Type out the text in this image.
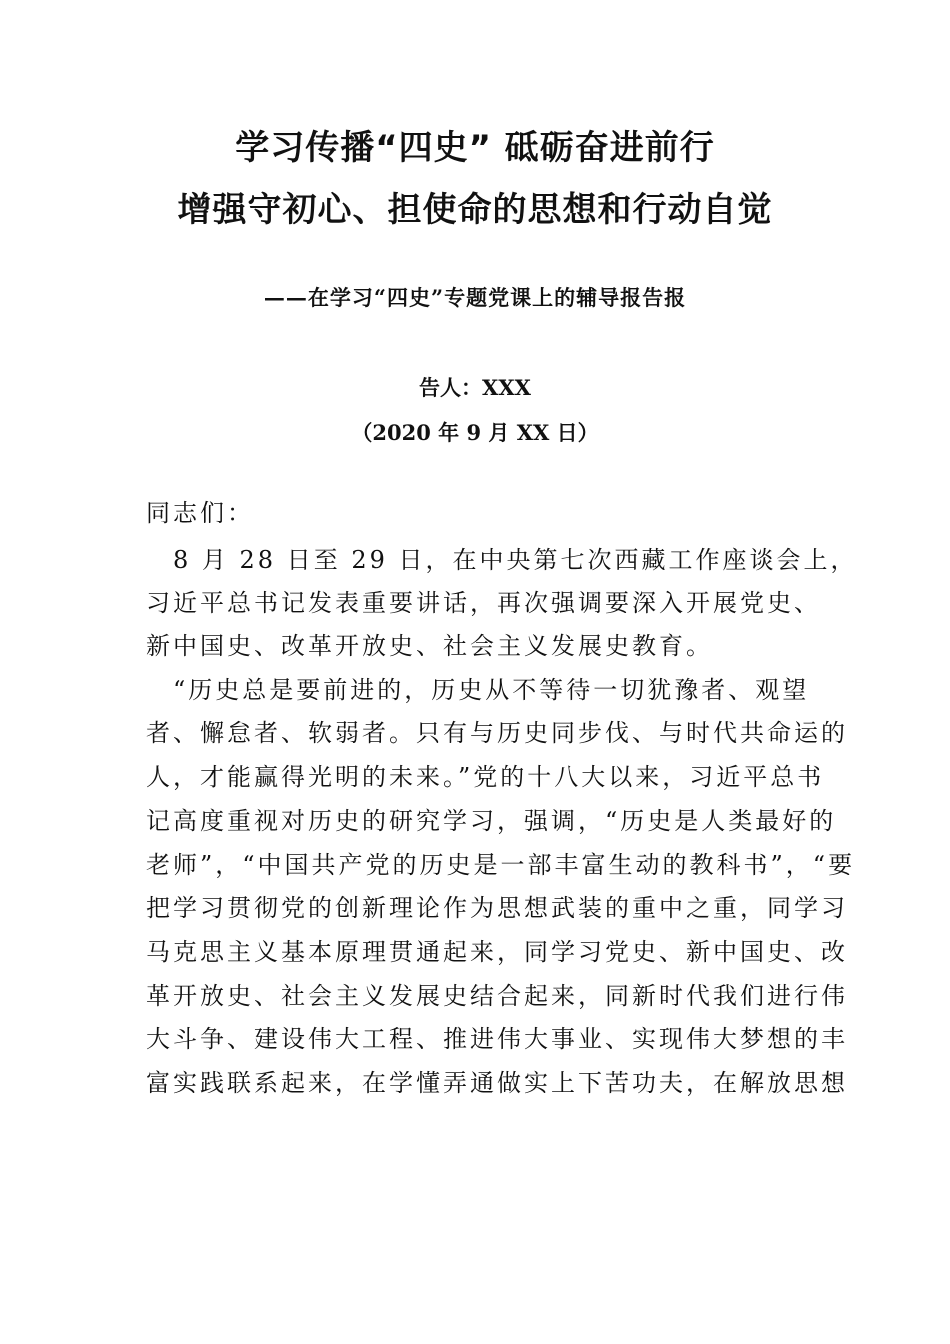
学习传播“四史” 砥砺奋进前行
增强守初心、担使命的思想和行动自觉
——在学习“四史”专题党课上的辅导报告报
告人：XXX
（2020 年 9 月 XX 日）
同志们：
　8 月 28 日至 29 日，在中央第七次西藏工作座谈会上，
习近平总书记发表重要讲话，再次强调要深入开展党史、
新中国史、改革开放史、社会主义发展史教育。
　“历史总是要前进的，历史从不等待一切犹豫者、观望
者、懈怠者、软弱者。只有与历史同步伐、与时代共命运的
人，才能赢得光明的未来。”党的十八大以来，习近平总书
记高度重视对历史的研究学习，强调，“历史是人类最好的
老师”，“中国共产党的历史是一部丰富生动的教科书”，“要
把学习贯彻党的创新理论作为思想武装的重中之重，同学习
马克思主义基本原理贯通起来，同学习党史、新中国史、改
革开放史、社会主义发展史结合起来，同新时代我们进行伟
大斗争、建设伟大工程、推进伟大事业、实现伟大梦想的丰
富实践联系起来，在学懂弄通做实上下苦功夫，在解放思想
